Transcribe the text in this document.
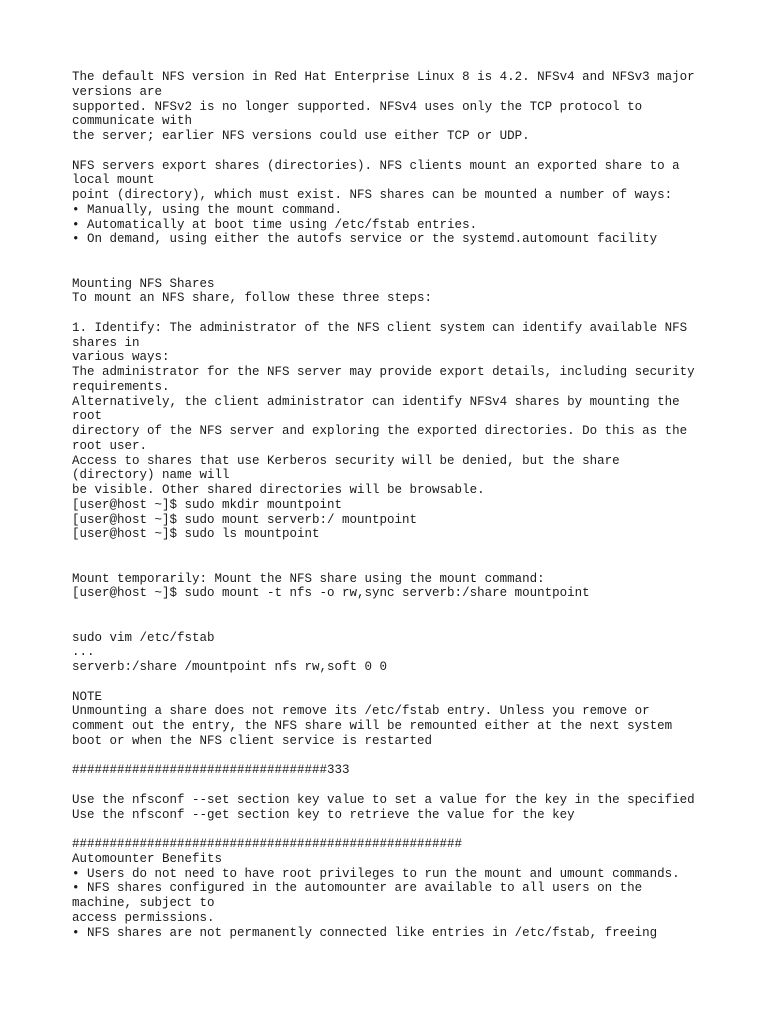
The default NFS version in Red Hat Enterprise Linux 8 is 4.2. NFSv4 and NFSv3 major
versions are
supported. NFSv2 is no longer supported. NFSv4 uses only the TCP protocol to
communicate with
the server; earlier NFS versions could use either TCP or UDP.
NFS servers export shares (directories). NFS clients mount an exported share to a
local mount
point (directory), which must exist. NFS shares can be mounted a number of ways:
• Manually, using the mount command.
• Automatically at boot time using /etc/fstab entries.
• On demand, using either the autofs service or the systemd.automount facility
Mounting NFS Shares
To mount an NFS share, follow these three steps:
1. Identify: The administrator of the NFS client system can identify available NFS
shares in
various ways:
The administrator for the NFS server may provide export details, including security
requirements.
Alternatively, the client administrator can identify NFSv4 shares by mounting the
root
directory of the NFS server and exploring the exported directories. Do this as the
root user.
Access to shares that use Kerberos security will be denied, but the share
(directory) name will
be visible. Other shared directories will be browsable.
[user@host ~]$ sudo mkdir mountpoint
[user@host ~]$ sudo mount serverb:/ mountpoint
[user@host ~]$ sudo ls mountpoint
Mount temporarily: Mount the NFS share using the mount command:
[user@host ~]$ sudo mount -t nfs -o rw,sync serverb:/share mountpoint
sudo vim /etc/fstab
...
serverb:/share /mountpoint nfs rw,soft 0 0
NOTE
Unmounting a share does not remove its /etc/fstab entry. Unless you remove or
comment out the entry, the NFS share will be remounted either at the next system
boot or when the NFS client service is restarted
##################################333
Use the nfsconf --set section key value to set a value for the key in the specified
Use the nfsconf --get section key to retrieve the value for the key
####################################################
Automounter Benefits
• Users do not need to have root privileges to run the mount and umount commands.
• NFS shares configured in the automounter are available to all users on the
machine, subject to
access permissions.
• NFS shares are not permanently connected like entries in /etc/fstab, freeing
